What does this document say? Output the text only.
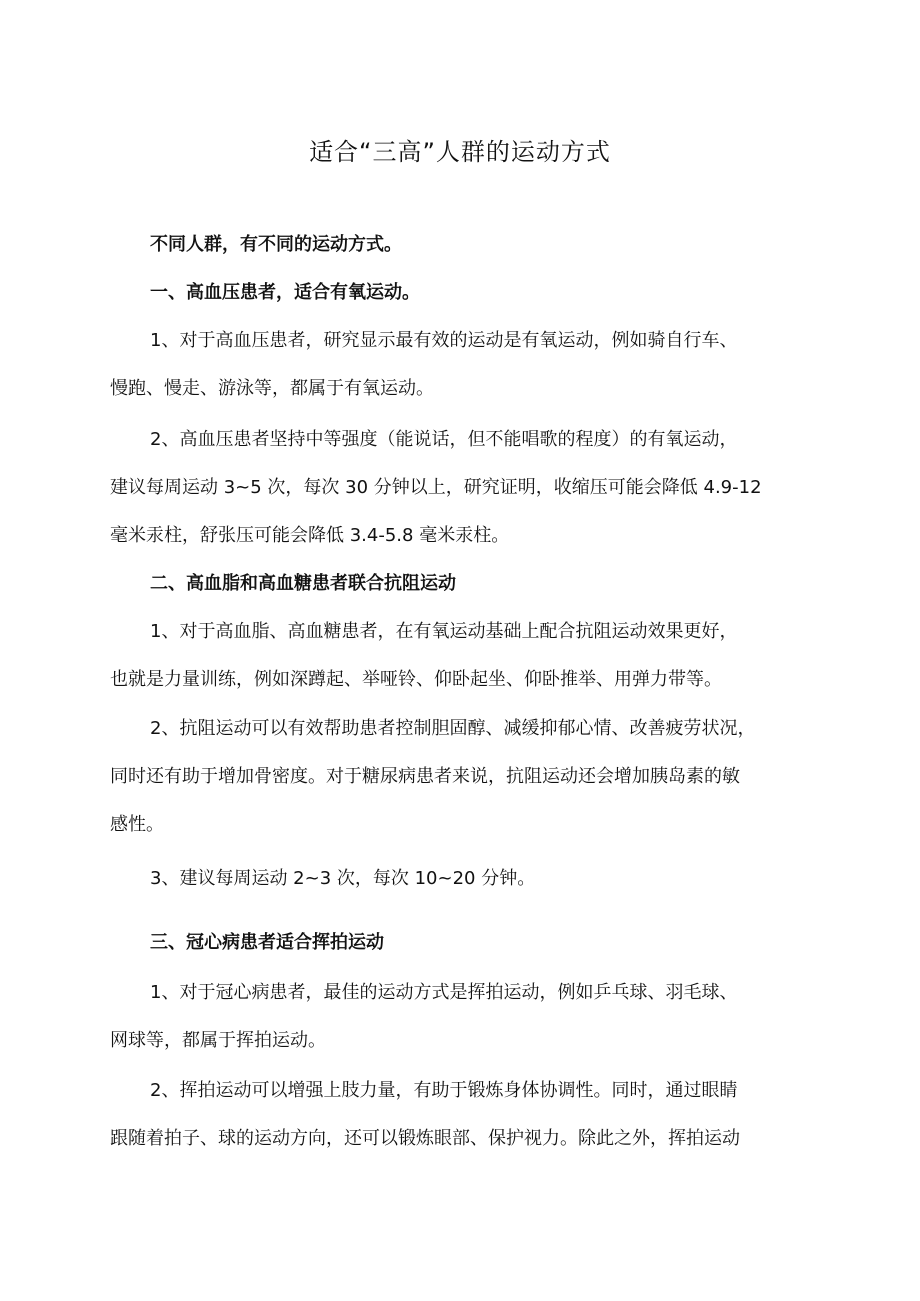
适合“三高”人群的运动方式
不同人群，有不同的运动方式。
一、高血压患者，适合有氧运动。
1、对于高血压患者，研究显示最有效的运动是有氧运动，例如骑自行车、
慢跑、慢走、游泳等，都属于有氧运动。
2、高血压患者坚持中等强度（能说话，但不能唱歌的程度）的有氧运动，
建议每周运动 3~5 次，每次 30 分钟以上，研究证明，收缩压可能会降低 4.9-12
毫米汞柱，舒张压可能会降低 3.4-5.8 毫米汞柱。
二、高血脂和高血糖患者联合抗阻运动
1、对于高血脂、高血糖患者，在有氧运动基础上配合抗阻运动效果更好，
也就是力量训练，例如深蹲起、举哑铃、仰卧起坐、仰卧推举、用弹力带等。
2、抗阻运动可以有效帮助患者控制胆固醇、减缓抑郁心情、改善疲劳状况，
同时还有助于增加骨密度。对于糖尿病患者来说，抗阻运动还会增加胰岛素的敏
感性。
3、建议每周运动 2~3 次，每次 10~20 分钟。
三、冠心病患者适合挥拍运动
1、对于冠心病患者，最佳的运动方式是挥拍运动，例如乒乓球、羽毛球、
网球等，都属于挥拍运动。
2、挥拍运动可以增强上肢力量，有助于锻炼身体协调性。同时，通过眼睛
跟随着拍子、球的运动方向，还可以锻炼眼部、保护视力。除此之外，挥拍运动
